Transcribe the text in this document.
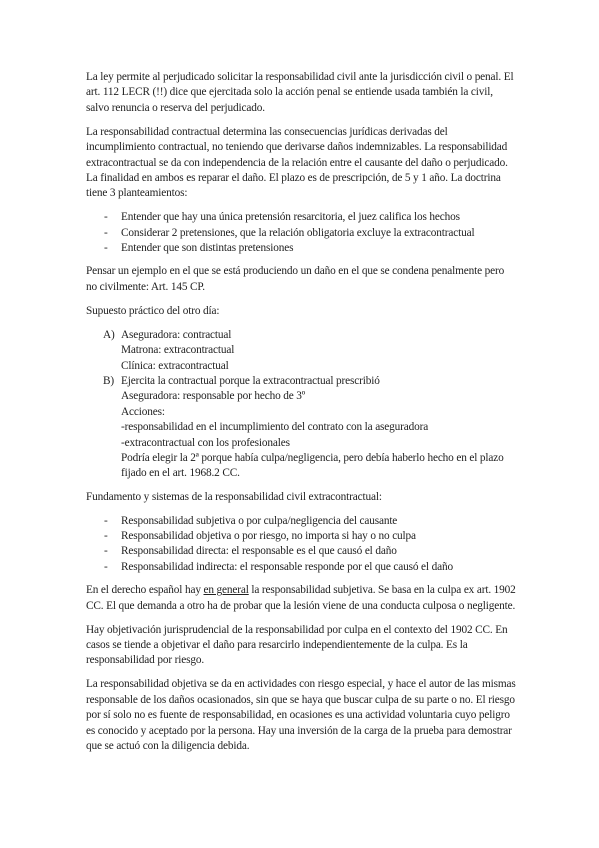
La ley permite al perjudicado solicitar la responsabilidad civil ante la jurisdicción civil o penal. El art. 112 LECR (!!) dice que ejercitada solo la acción penal se entiende usada también la civil, salvo renuncia o reserva del perjudicado.

La responsabilidad contractual determina las consecuencias jurídicas derivadas del incumplimiento contractual, no teniendo que derivarse daños indemnizables. La responsabilidad extracontractual se da con independencia de la relación entre el causante del daño o perjudicado. La finalidad en ambos es reparar el daño. El plazo es de prescripción, de 5 y 1 año. La doctrina tiene 3 planteamientos:

- Entender que hay una única pretensión resarcitoria, el juez califica los hechos
- Considerar 2 pretensiones, que la relación obligatoria excluye la extracontractual
- Entender que son distintas pretensiones

Pensar un ejemplo en el que se está produciendo un daño en el que se condena penalmente pero no civilmente: Art. 145 CP.

Supuesto práctico del otro día:

A) Aseguradora: contractual
Matrona: extracontractual
Clínica: extracontractual
B) Ejercita la contractual porque la extracontractual prescribió
Aseguradora: responsable por hecho de 3º
Acciones:
-responsabilidad en el incumplimiento del contrato con la aseguradora
-extracontractual con los profesionales
Podría elegir la 2ª porque había culpa/negligencia, pero debía haberlo hecho en el plazo fijado en el art. 1968.2 CC.

Fundamento y sistemas de la responsabilidad civil extracontractual:

- Responsabilidad subjetiva o por culpa/negligencia del causante
- Responsabilidad objetiva o por riesgo, no importa si hay o no culpa
- Responsabilidad directa: el responsable es el que causó el daño
- Responsabilidad indirecta: el responsable responde por el que causó el daño

En el derecho español hay en general la responsabilidad subjetiva. Se basa en la culpa ex art. 1902 CC. El que demanda a otro ha de probar que la lesión viene de una conducta culposa o negligente.

Hay objetivación jurisprudencial de la responsabilidad por culpa en el contexto del 1902 CC. En casos se tiende a objetivar el daño para resarcirlo independientemente de la culpa. Es la responsabilidad por riesgo.

La responsabilidad objetiva se da en actividades con riesgo especial, y hace el autor de las mismas responsable de los daños ocasionados, sin que se haya que buscar culpa de su parte o no. El riesgo por sí solo no es fuente de responsabilidad, en ocasiones es una actividad voluntaria cuyo peligro es conocido y aceptado por la persona. Hay una inversión de la carga de la prueba para demostrar que se actuó con la diligencia debida.
